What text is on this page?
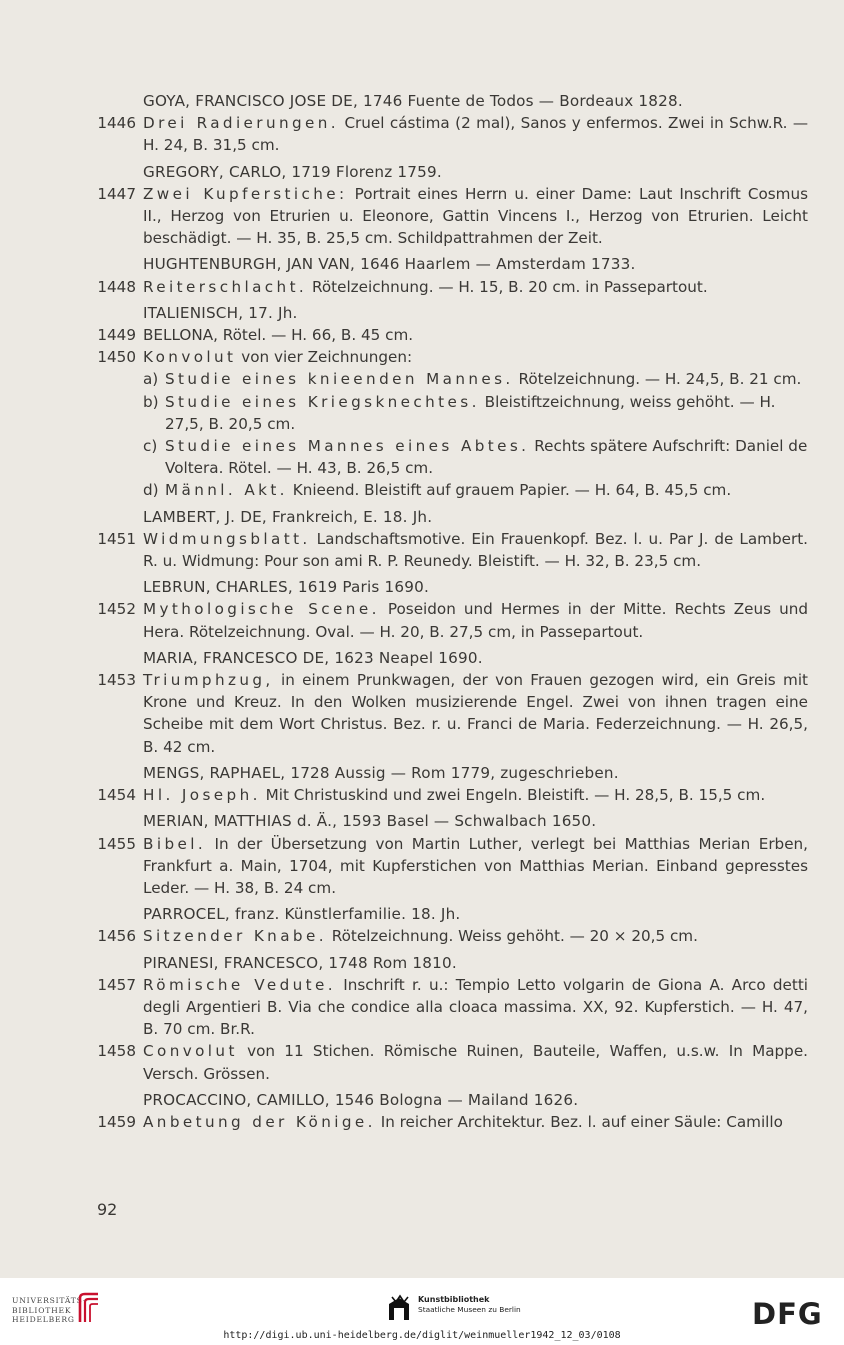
GOYA, FRANCISCO JOSE DE, 1746 Fuente de Todos — Bordeaux 1828.
1446 Drei Radierungen. Cruel cástima (2 mal), Sanos y enfermos. Zwei in Schw.R. — H. 24, B. 31,5 cm.
GREGORY, CARLO, 1719 Florenz 1759.
1447 Zwei Kupferstiche: Portrait eines Herrn u. einer Dame: Laut Inschrift Cosmus II., Herzog von Etrurien u. Eleonore, Gattin Vincens I., Herzog von Etrurien. Leicht beschädigt. — H. 35, B. 25,5 cm. Schildpattrahmen der Zeit.
HUGHTENBURGH, JAN VAN, 1646 Haarlem — Amsterdam 1733.
1448 Reiterschlacht. Rötelzeichnung. — H. 15, B. 20 cm. in Passepartout.
ITALIENISCH, 17. Jh.
1449 BELLONA, Rötel. — H. 66, B. 45 cm.
1450 Konvolut von vier Zeichnungen:
a) Studie eines knieenden Mannes. Rötelzeichnung. — H. 24,5, B. 21 cm.
b) Studie eines Kriegsknechtes. Bleistiftzeichnung, weiss gehöht. — H. 27,5, B. 20,5 cm.
c) Studie eines Mannes eines Abtes. Rechts spätere Aufschrift: Daniel de Voltera. Rötel. — H. 43, B. 26,5 cm.
d) Männl. Akt. Knieend. Bleistift auf grauem Papier. — H. 64, B. 45,5 cm.
LAMBERT, J. DE, Frankreich, E. 18. Jh.
1451 Widmungsblatt. Landschaftsmotive. Ein Frauenkopf. Bez. l. u. Par J. de Lambert. R. u. Widmung: Pour son ami R. P. Reunedy. Bleistift. — H. 32, B. 23,5 cm.
LEBRUN, CHARLES, 1619 Paris 1690.
1452 Mythologische Scene. Poseidon und Hermes in der Mitte. Rechts Zeus und Hera. Rötelzeichnung. Oval. — H. 20, B. 27,5 cm, in Passepartout.
MARIA, FRANCESCO DE, 1623 Neapel 1690.
1453 Triumphzug, in einem Prunkwagen, der von Frauen gezogen wird, ein Greis mit Krone und Kreuz. In den Wolken musizierende Engel. Zwei von ihnen tragen eine Scheibe mit dem Wort Christus. Bez. r. u. Franci de Maria. Federzeichnung. — H. 26,5, B. 42 cm.
MENGS, RAPHAEL, 1728 Aussig — Rom 1779, zugeschrieben.
1454 Hl. Joseph. Mit Christuskind und zwei Engeln. Bleistift. — H. 28,5, B. 15,5 cm.
MERIAN, MATTHIAS d. Ä., 1593 Basel — Schwalbach 1650.
1455 Bibel. In der Übersetzung von Martin Luther, verlegt bei Matthias Merian Erben, Frankfurt a. Main, 1704, mit Kupferstichen von Matthias Merian. Einband gepresstes Leder. — H. 38, B. 24 cm.
PARROCEL, franz. Künstlerfamilie. 18. Jh.
1456 Sitzender Knabe. Rötelzeichnung. Weiss gehöht. — 20 × 20,5 cm.
PIRANESI, FRANCESCO, 1748 Rom 1810.
1457 Römische Vedute. Inschrift r. u.: Tempio Letto volgarin de Giona A. Arco detti degli Argentieri B. Via che condice alla cloaca massima. XX, 92. Kupferstich. — H. 47, B. 70 cm. Br.R.
1458 Convolut von 11 Stichen. Römische Ruinen, Bauteile, Waffen, u.s.w. In Mappe. Versch. Grössen.
PROCACCINO, CAMILLO, 1546 Bologna — Mailand 1626.
1459 Anbetung der Könige. In reicher Architektur. Bez. l. auf einer Säule: Camillo
92
UNIVERSITÄTS-
BIBLIOTHEK
HEIDELBERG
Kunstbibliothek
Staatliche Museen zu Berlin	DFG
http://digi.ub.uni-heidelberg.de/diglit/weinmueller1942_12_03/0108
